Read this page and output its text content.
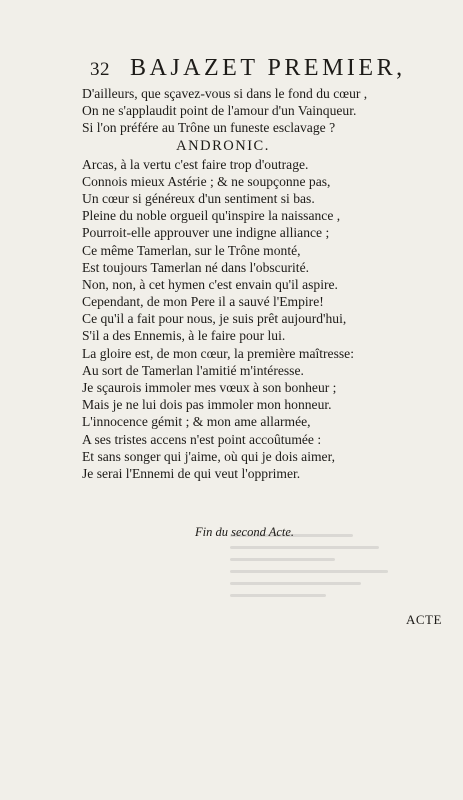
32 BAJAZET PREMIER,
D'ailleurs, que sçavez-vous si dans le fond du cœur ,
On ne s'applaudit point de l'amour d'un Vainqueur.
Si l'on préfére au Trône un funeste esclavage ?
ANDRONIC.
Arcas, à la vertu c'est faire trop d'outrage.
Connois mieux Astérie ; & ne soupçonne pas,
Un cœur si généreux d'un sentiment si bas.
Pleine du noble orgueil qu'inspire la naissance ,
Pourroit-elle approuver une indigne alliance ;
Ce même Tamerlan, sur le Trône monté,
Est toujours Tamerlan né dans l'obscurité.
Non, non, à cet hymen c'est envain qu'il aspire.
Cependant, de mon Pere il a sauvé l'Empire!
Ce qu'il a fait pour nous, je suis prêt aujourd'hui,
S'il a des Ennemis, à le faire pour lui.
La gloire est, de mon cœur, la première maîtresse:
Au sort de Tamerlan l'amitié m'intéresse.
Je sçaurois immoler mes vœux à son bonheur ;
Mais je ne lui dois pas immoler mon honneur.
L'innocence gémit ; & mon ame allarmée,
A ses tristes accens n'est point accoûtumée :
Et sans songer qui j'aime, où qui je dois aimer,
Je serai l'Ennemi de qui veut l'opprimer.
Fin du second Acte.
ACTE
